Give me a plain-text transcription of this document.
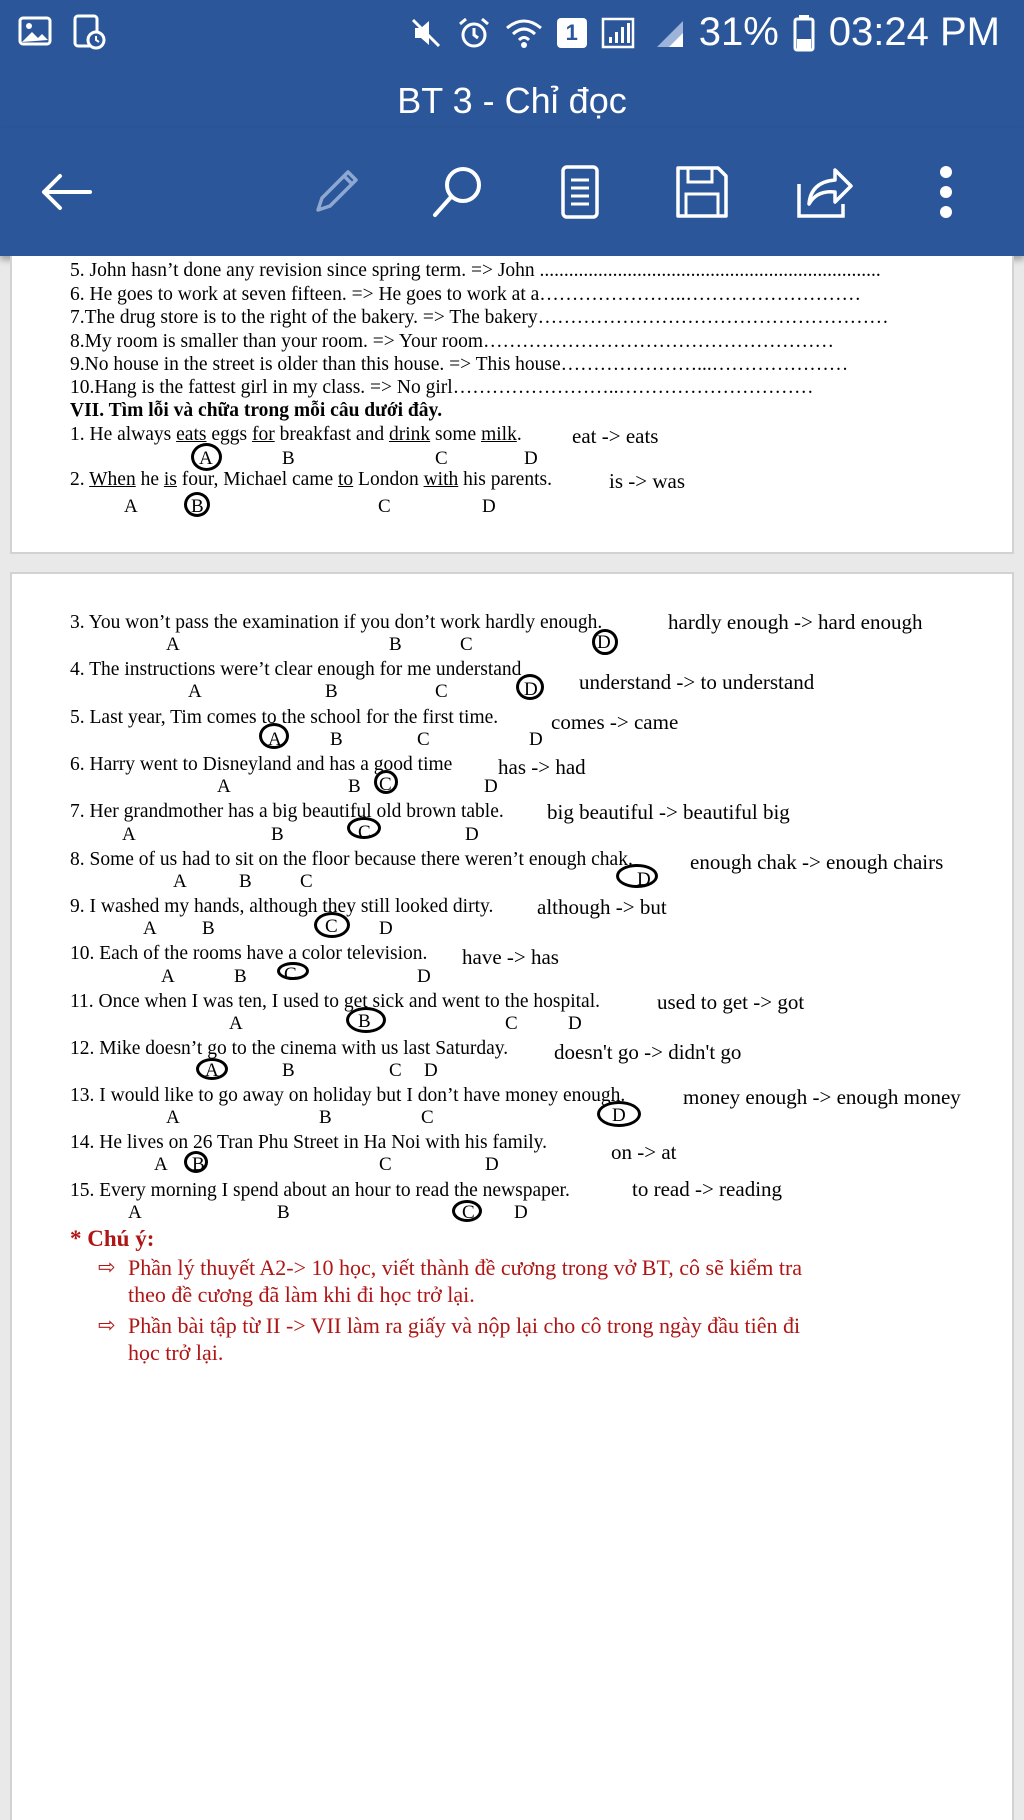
1	31% 03:24 PM
BT 3 - Chỉ đọc
5. John hasn’t done any revision since spring term. => John ......................................................................
6. He goes to work at seven fifteen. => He goes to work at a…………………..………………………
7.The drug store is to the right of the bakery. => The bakery………………………………………………
8.My room is smaller than your room. => Your room………………………………………………
9.No house in the street is older than this house. => This house…………………...…………………
10.Hang is the fattest girl in my class. => No girl……………………..…………………………
VII. Tìm lỗi và chữa trong mỗi câu dưới đây.
1. He always eats eggs for breakfast and drink some milk. eat -> eats
A	B	C	D
2. When he is four, Michael came to London with his parents.	is -> was
A	B	C	D
3. You won’t pass the examination if you don’t work hardly enough.	hardly enough -> hard enough
4. The instructions were’t clear enough for me understand
understand -> to understand
5. Last year, Tim comes to the school for the first time.	comes -> came
6. Harry went to Disneyland and has a good time has -> had
7. Her grandmother has a big beautiful old brown table. big beautiful -> beautiful big
8. Some of us had to sit on the floor because there weren’t enough chak.	enough chak -> enough chairs
9. I washed my hands, although they still looked dirty. although -> but
10. Each of the rooms have a color television. have -> has
11. Once when I was ten, I used to get sick and went to the hospital.	used to get -> got
12. Mike doesn’t go to the cinema with us last Saturday. doesn't go -> didn't go
13. I would like to go away on holiday but I don’t have money enough.	money enough -> enough money
14. He lives on 26 Tran Phu Street in Ha Noi with his family.	on -> at
15. Every morning I spend about an hour to read the newspaper.	to read -> reading
* Chú ý:
⇨ Phần lý thuyết A2-> 10 học, viết thành đề cương trong vở BT, cô sẽ kiểm tra
theo đề cương đã làm khi đi học trở lại.
⇨ Phần bài tập từ II -> VII làm ra giấy và nộp lại cho cô trong ngày đầu tiên đi
học trở lại.
A	B	C	D
A	B	C	D
A	B	C	D
A	B C	D
A	B	C	D
A	B	C	D
A B	C D
A	B C	D
A	B	C	D
A	B	C D
A	B	C	D
A B	C	D
A	B	C D
